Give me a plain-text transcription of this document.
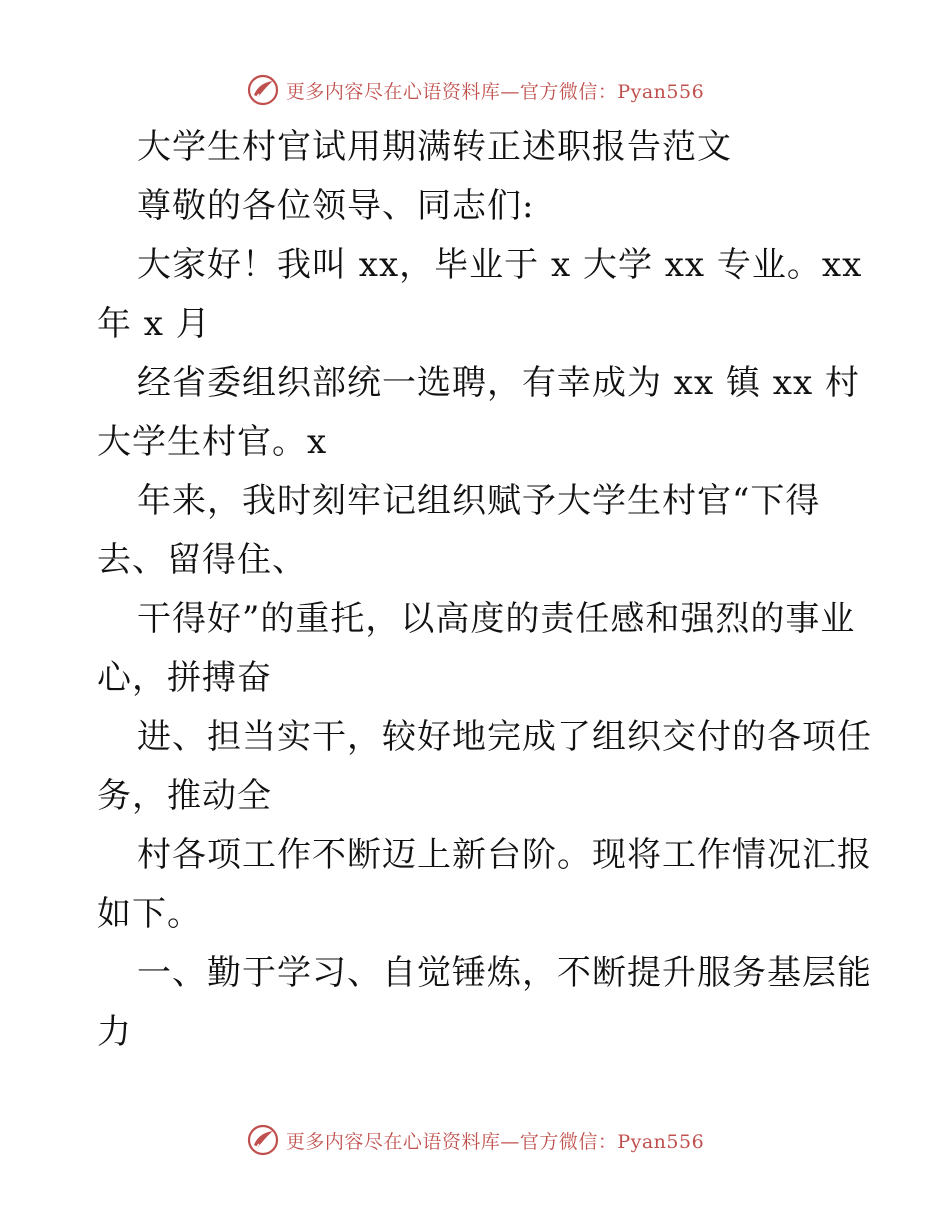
更多内容尽在心语资料库—官方微信：Pyan556
大学生村官试用期满转正述职报告范文
尊敬的各位领导、同志们:
大家好！我叫 xx，毕业于 x 大学 xx 专业。xx
年 x 月
经省委组织部统一选聘，有幸成为 xx 镇 xx 村
大学生村官。x
年来，我时刻牢记组织赋予大学生村官“下得
去、留得住、
干得好”的重托，以高度的责任感和强烈的事业
心，拼搏奋
进、担当实干，较好地完成了组织交付的各项任
务，推动全
村各项工作不断迈上新台阶。现将工作情况汇报
如下。
一、勤于学习、自觉锤炼，不断提升服务基层能
力
更多内容尽在心语资料库—官方微信：Pyan556
